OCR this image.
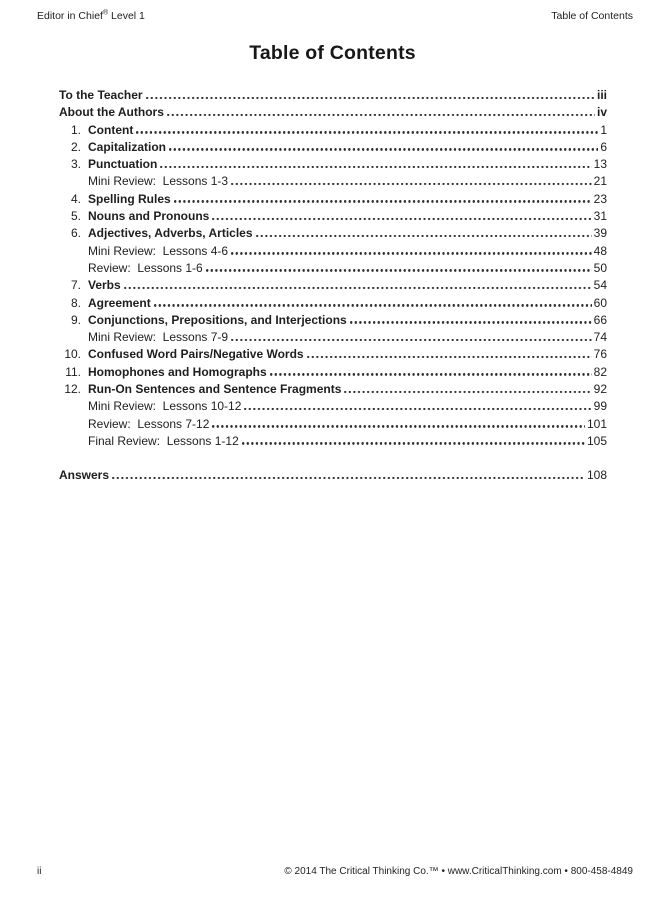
Editor in Chief® Level 1	Table of Contents
Table of Contents
To the Teacher	iii
About the Authors	iv
1. Content	1
2. Capitalization	6
3. Punctuation	13
Mini Review:  Lessons 1-3	21
4. Spelling Rules	23
5. Nouns and Pronouns	31
6. Adjectives, Adverbs, Articles	39
Mini Review:  Lessons 4-6	48
Review:  Lessons 1-6	50
7. Verbs	54
8. Agreement	60
9. Conjunctions, Prepositions, and Interjections	66
Mini Review:  Lessons 7-9	74
10. Confused Word Pairs/Negative Words	76
11. Homophones and Homographs	82
12. Run-On Sentences and Sentence Fragments	92
Mini Review:  Lessons 10-12	99
Review:  Lessons 7-12	101
Final Review:  Lessons 1-12	105
Answers	108
ii	© 2014 The Critical Thinking Co.™ • www.CriticalThinking.com • 800-458-4849
